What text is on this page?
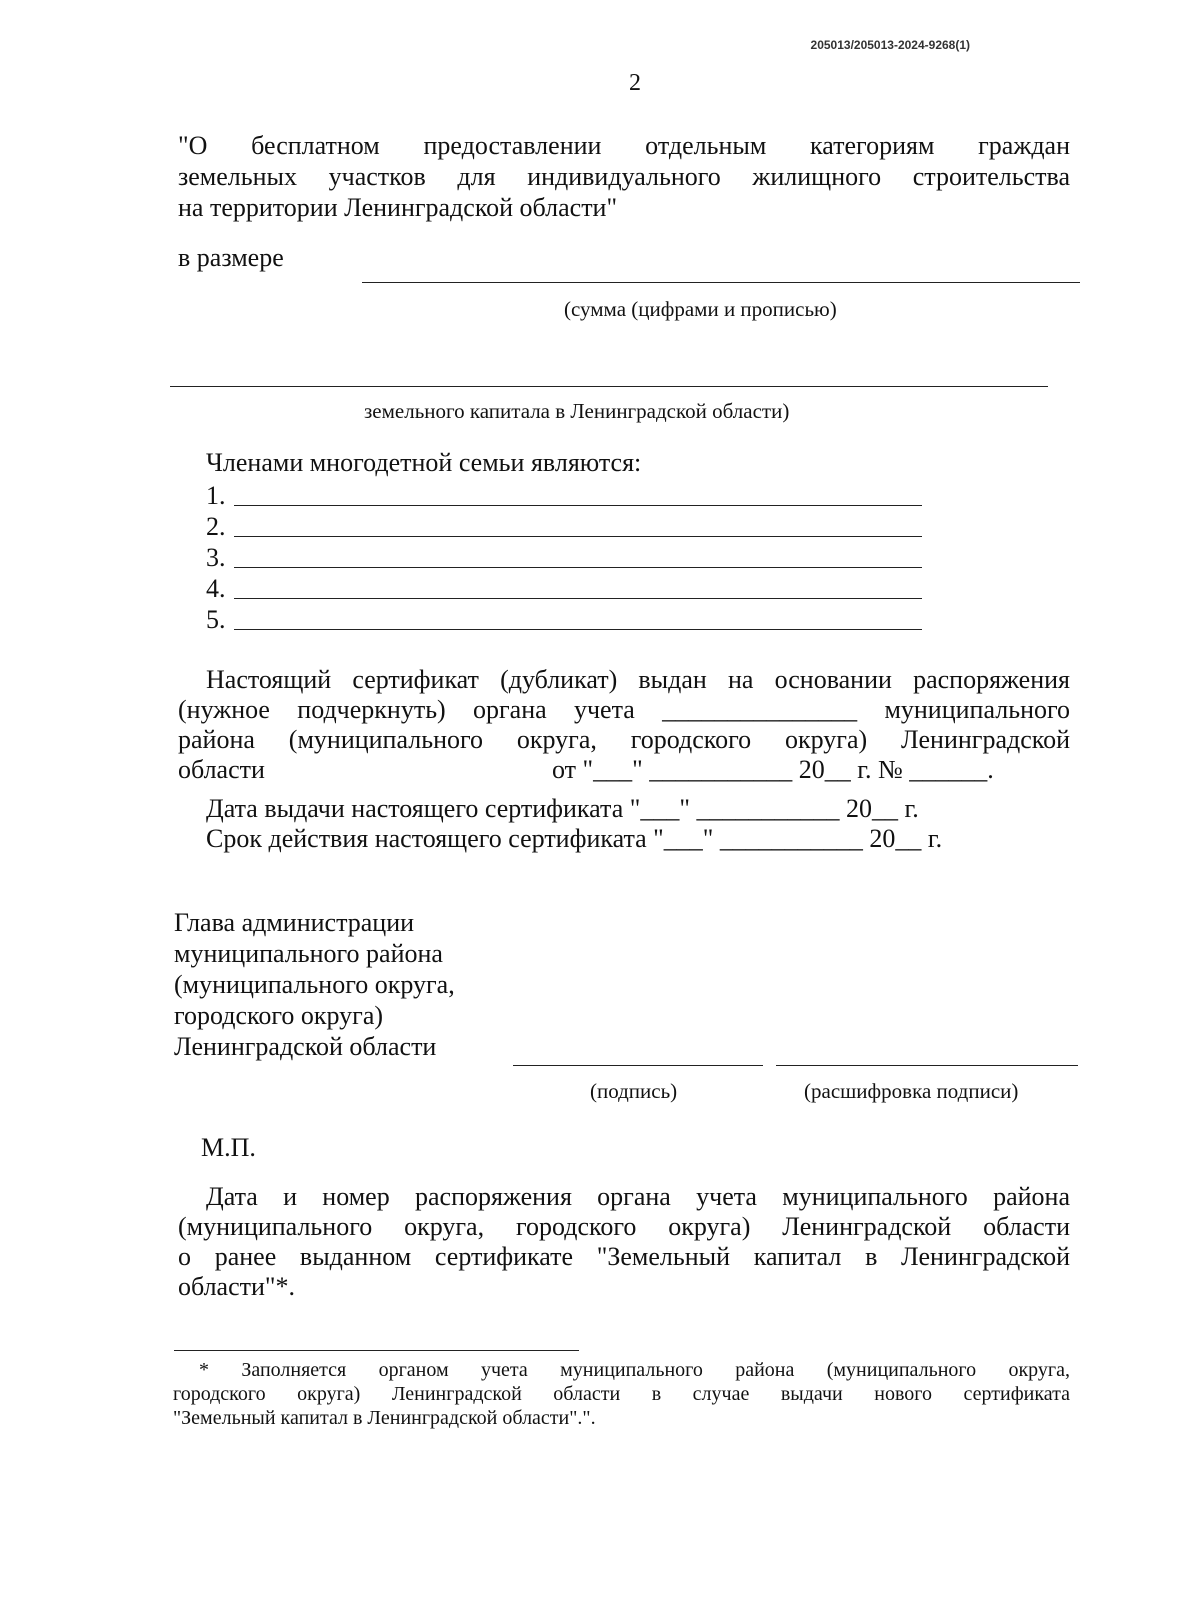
205013/205013-2024-9268(1)
2
"О бесплатном предоставлении отдельным категориям граждан
земельных участков для индивидуального жилищного строительства
на территории Ленинградской области"
в размере
(сумма (цифрами и прописью)
земельного капитала в Ленинградской области)
Членами многодетной семьи являются:
1.
2.
3.
4.
5.
Настоящий сертификат (дубликат) выдан на основании распоряжения
(нужное подчеркнуть) органа учета _______________ муниципального
района (муниципального округа, городского округа) Ленинградской
области	от "___" ___________ 20__ г. № ______.
Дата выдачи настоящего сертификата "___" ___________ 20__ г.
Срок действия настоящего сертификата "___" ___________ 20__ г.
Глава администрации
муниципального района
(муниципального округа,
городского округа)
Ленинградской области
(подпись)	(расшифровка подписи)
М.П.
Дата и номер распоряжения органа учета муниципального района
(муниципального округа, городского округа) Ленинградской области
о ранее выданном сертификате "Земельный капитал в Ленинградской
области"*.
* Заполняется органом учета муниципального района (муниципального округа,
городского округа) Ленинградской области в случае выдачи нового сертификата
"Земельный капитал в Ленинградской области".".
